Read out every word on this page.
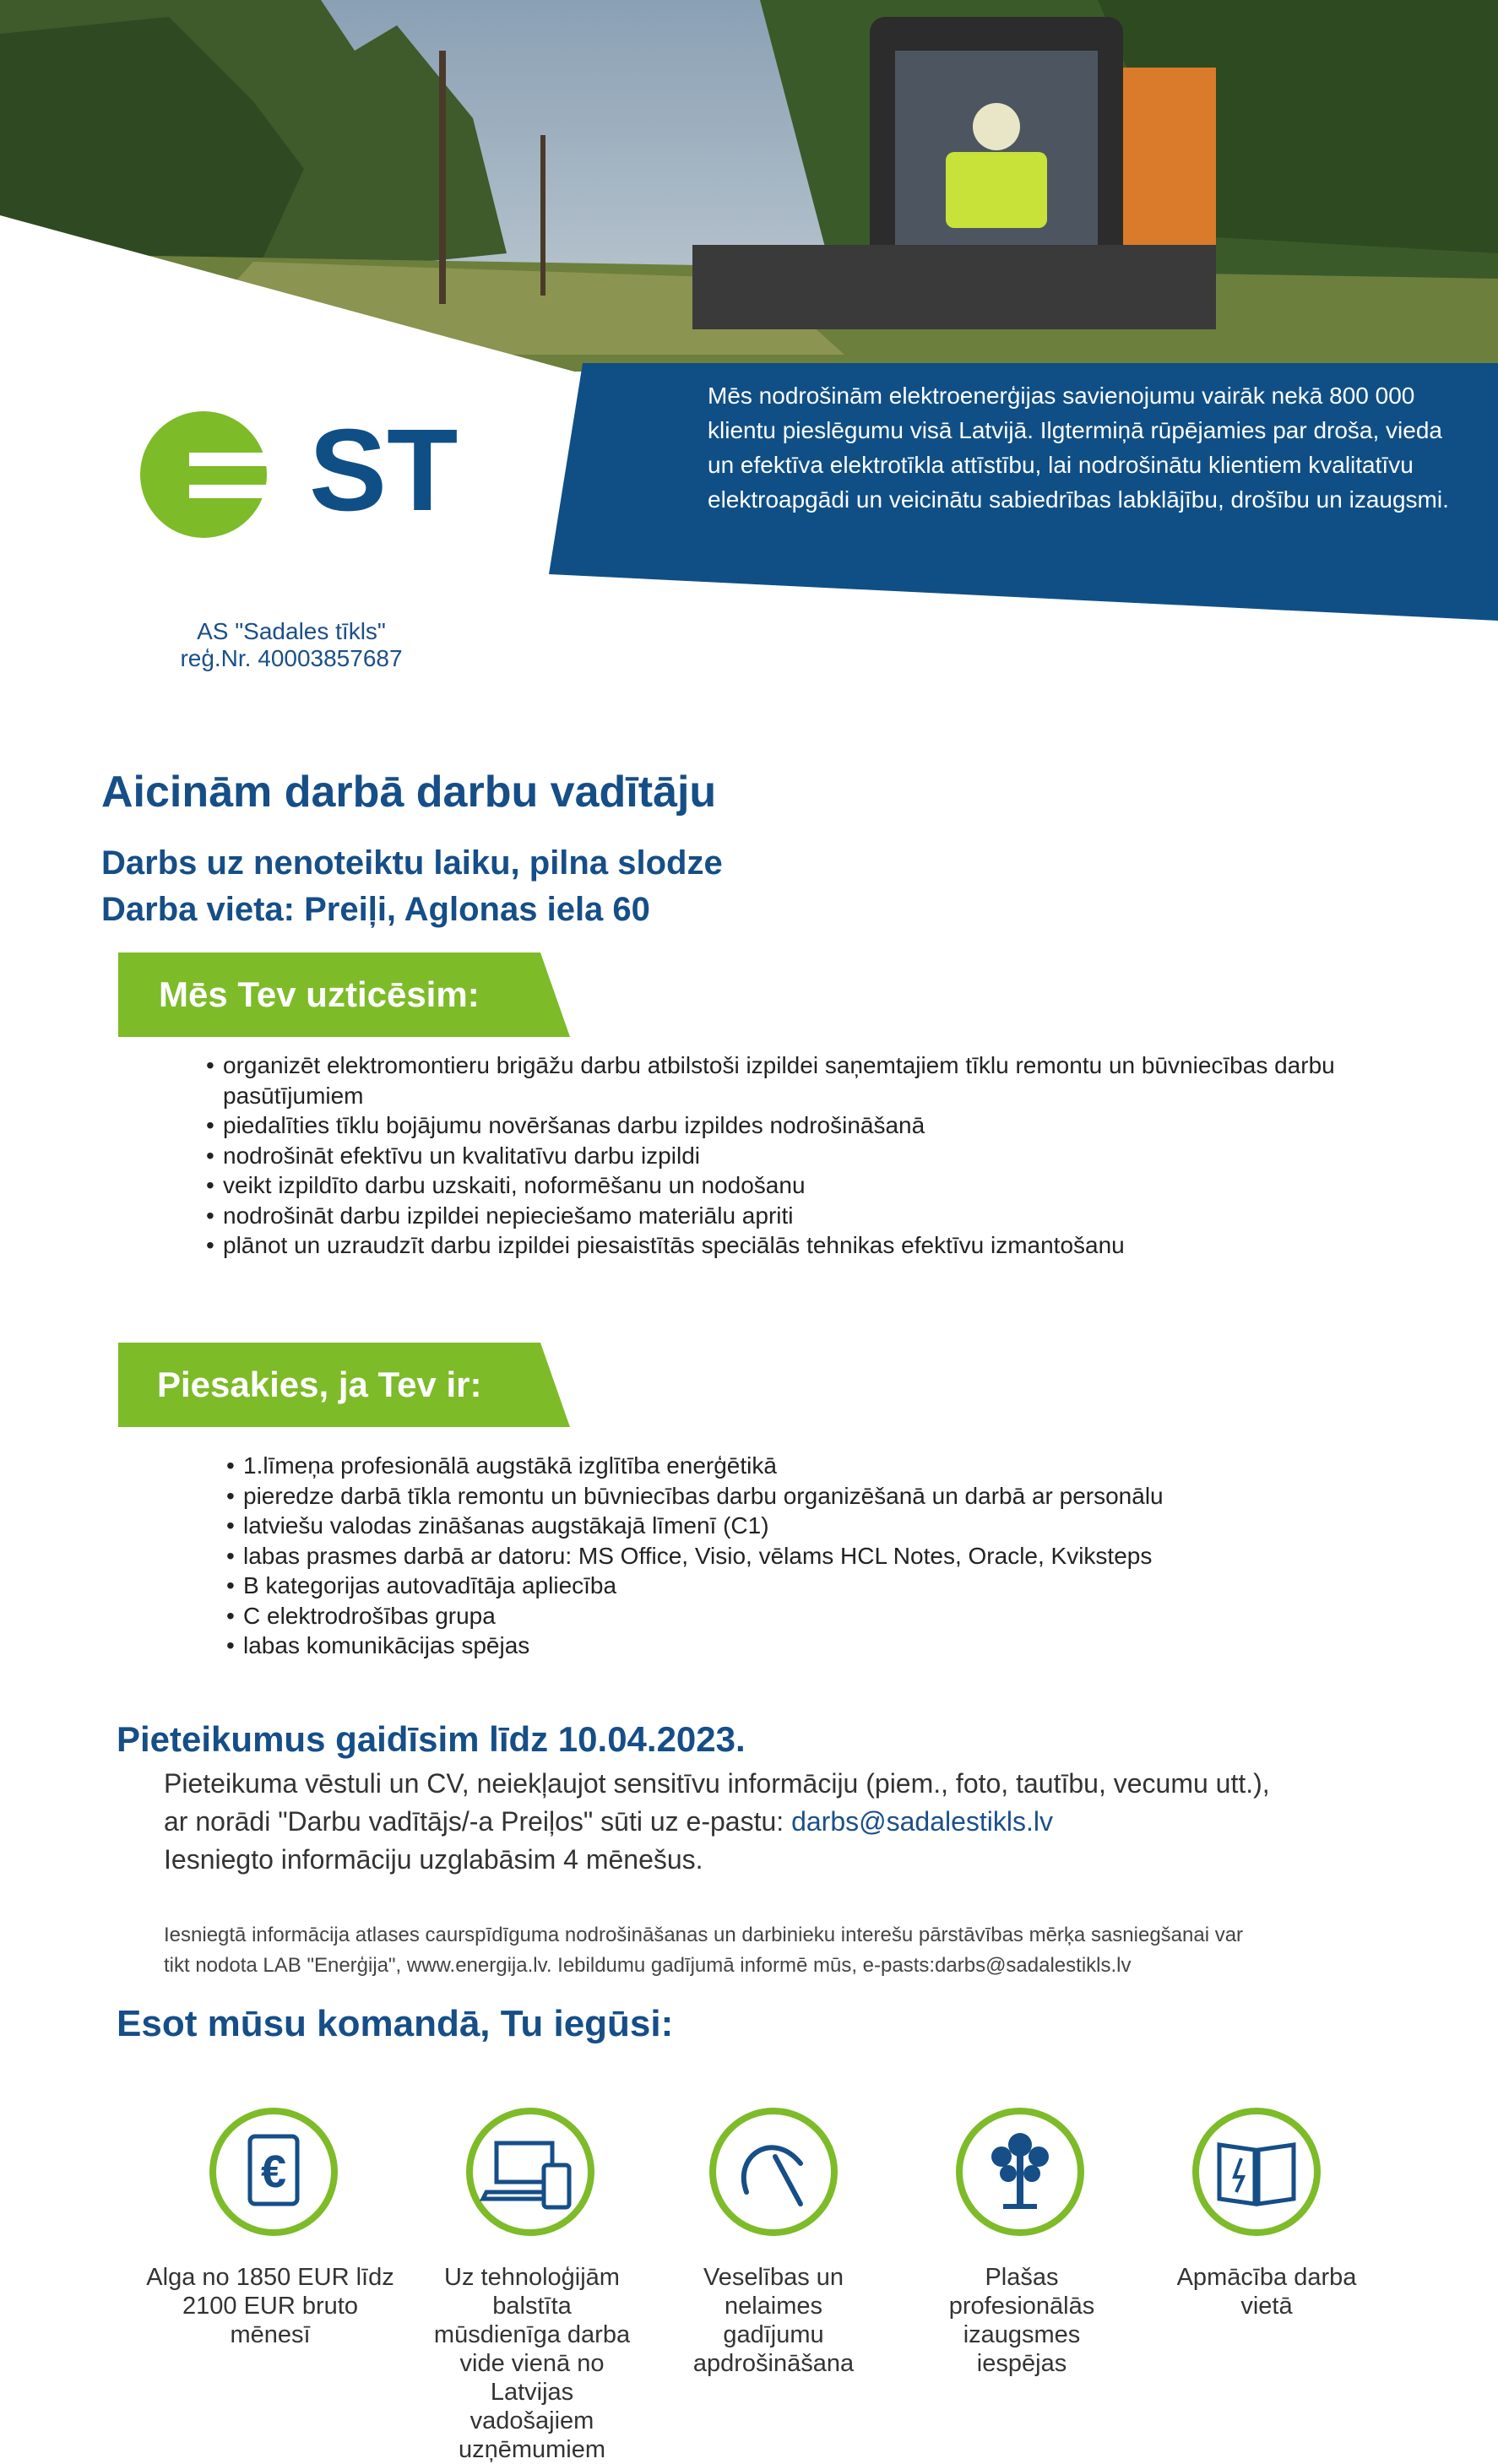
Mēs nodrošinām elektroenerģijas savienojumu vairāk nekā 800 000 klientu pieslēgumu visā Latvijā. Ilgtermiņā rūpējamies par droša, vieda un efektīva elektrotīkla attīstību, lai nodrošinātu klientiem kvalitatīvu elektroapgādi un veicinātu sabiedrības labklājību, drošību un izaugsmi.
ST
AS "Sadales tīkls"
reģ.Nr. 40003857687
Aicinām darbā darbu vadītāju
Darbs uz nenoteiktu laiku, pilna slodze
Darba vieta: Preiļi, Aglonas iela 60
Mēs Tev uzticēsim:
• organizēt elektromontieru brigāžu darbu atbilstoši izpildei saņemtajiem tīklu remontu un būvniecības darbu pasūtījumiem
• piedalīties tīklu bojājumu novēršanas darbu izpildes nodrošināšanā
• nodrošināt efektīvu un kvalitatīvu darbu izpildi
• veikt izpildīto darbu uzskaiti, noformēšanu un nodošanu
• nodrošināt darbu izpildei nepieciešamo materiālu apriti
• plānot un uzraudzīt darbu izpildei piesaistītās speciālās tehnikas efektīvu izmantošanu
Piesakies, ja Tev ir:
• 1.līmeņa profesionālā augstākā izglītība enerģētikā
• pieredze darbā tīkla remontu un būvniecības darbu organizēšanā un darbā ar personālu
• latviešu valodas zināšanas augstākajā līmenī (C1)
• labas prasmes darbā ar datoru: MS Office, Visio, vēlams HCL Notes, Oracle, Kviksteps
• B kategorijas autovadītāja apliecība
• C elektrodrošības grupa
• labas komunikācijas spējas
Pieteikumus gaidīsim līdz 10.04.2023.
Pieteikuma vēstuli un CV, neiekļaujot sensitīvu informāciju (piem., foto, tautību, vecumu utt.),
ar norādi "Darbu vadītājs/-a Preiļos" sūti uz e-pastu: darbs@sadalestikls.lv
Iesniegto informāciju uzglabāsim 4 mēnešus.
Iesniegtā informācija atlases caurspīdīguma nodrošināšanas un darbinieku interešu pārstāvības mērķa sasniegšanai var
tikt nodota LAB "Enerģija", www.energija.lv. Iebildumu gadījumā informē mūs, e-pasts:darbs@sadalestikls.lv
Esot mūsu komandā, Tu iegūsi:
€
Alga no 1850 EUR līdz 2100 EUR bruto mēnesī
Uz tehnoloģijām balstīta mūsdienīga darba vide vienā no Latvijas vadošajiem uzņēmumiem
Veselības un nelaimes gadījumu apdrošināšana
Plašas profesionālās izaugsmes iespējas
Apmācība darba vietā
